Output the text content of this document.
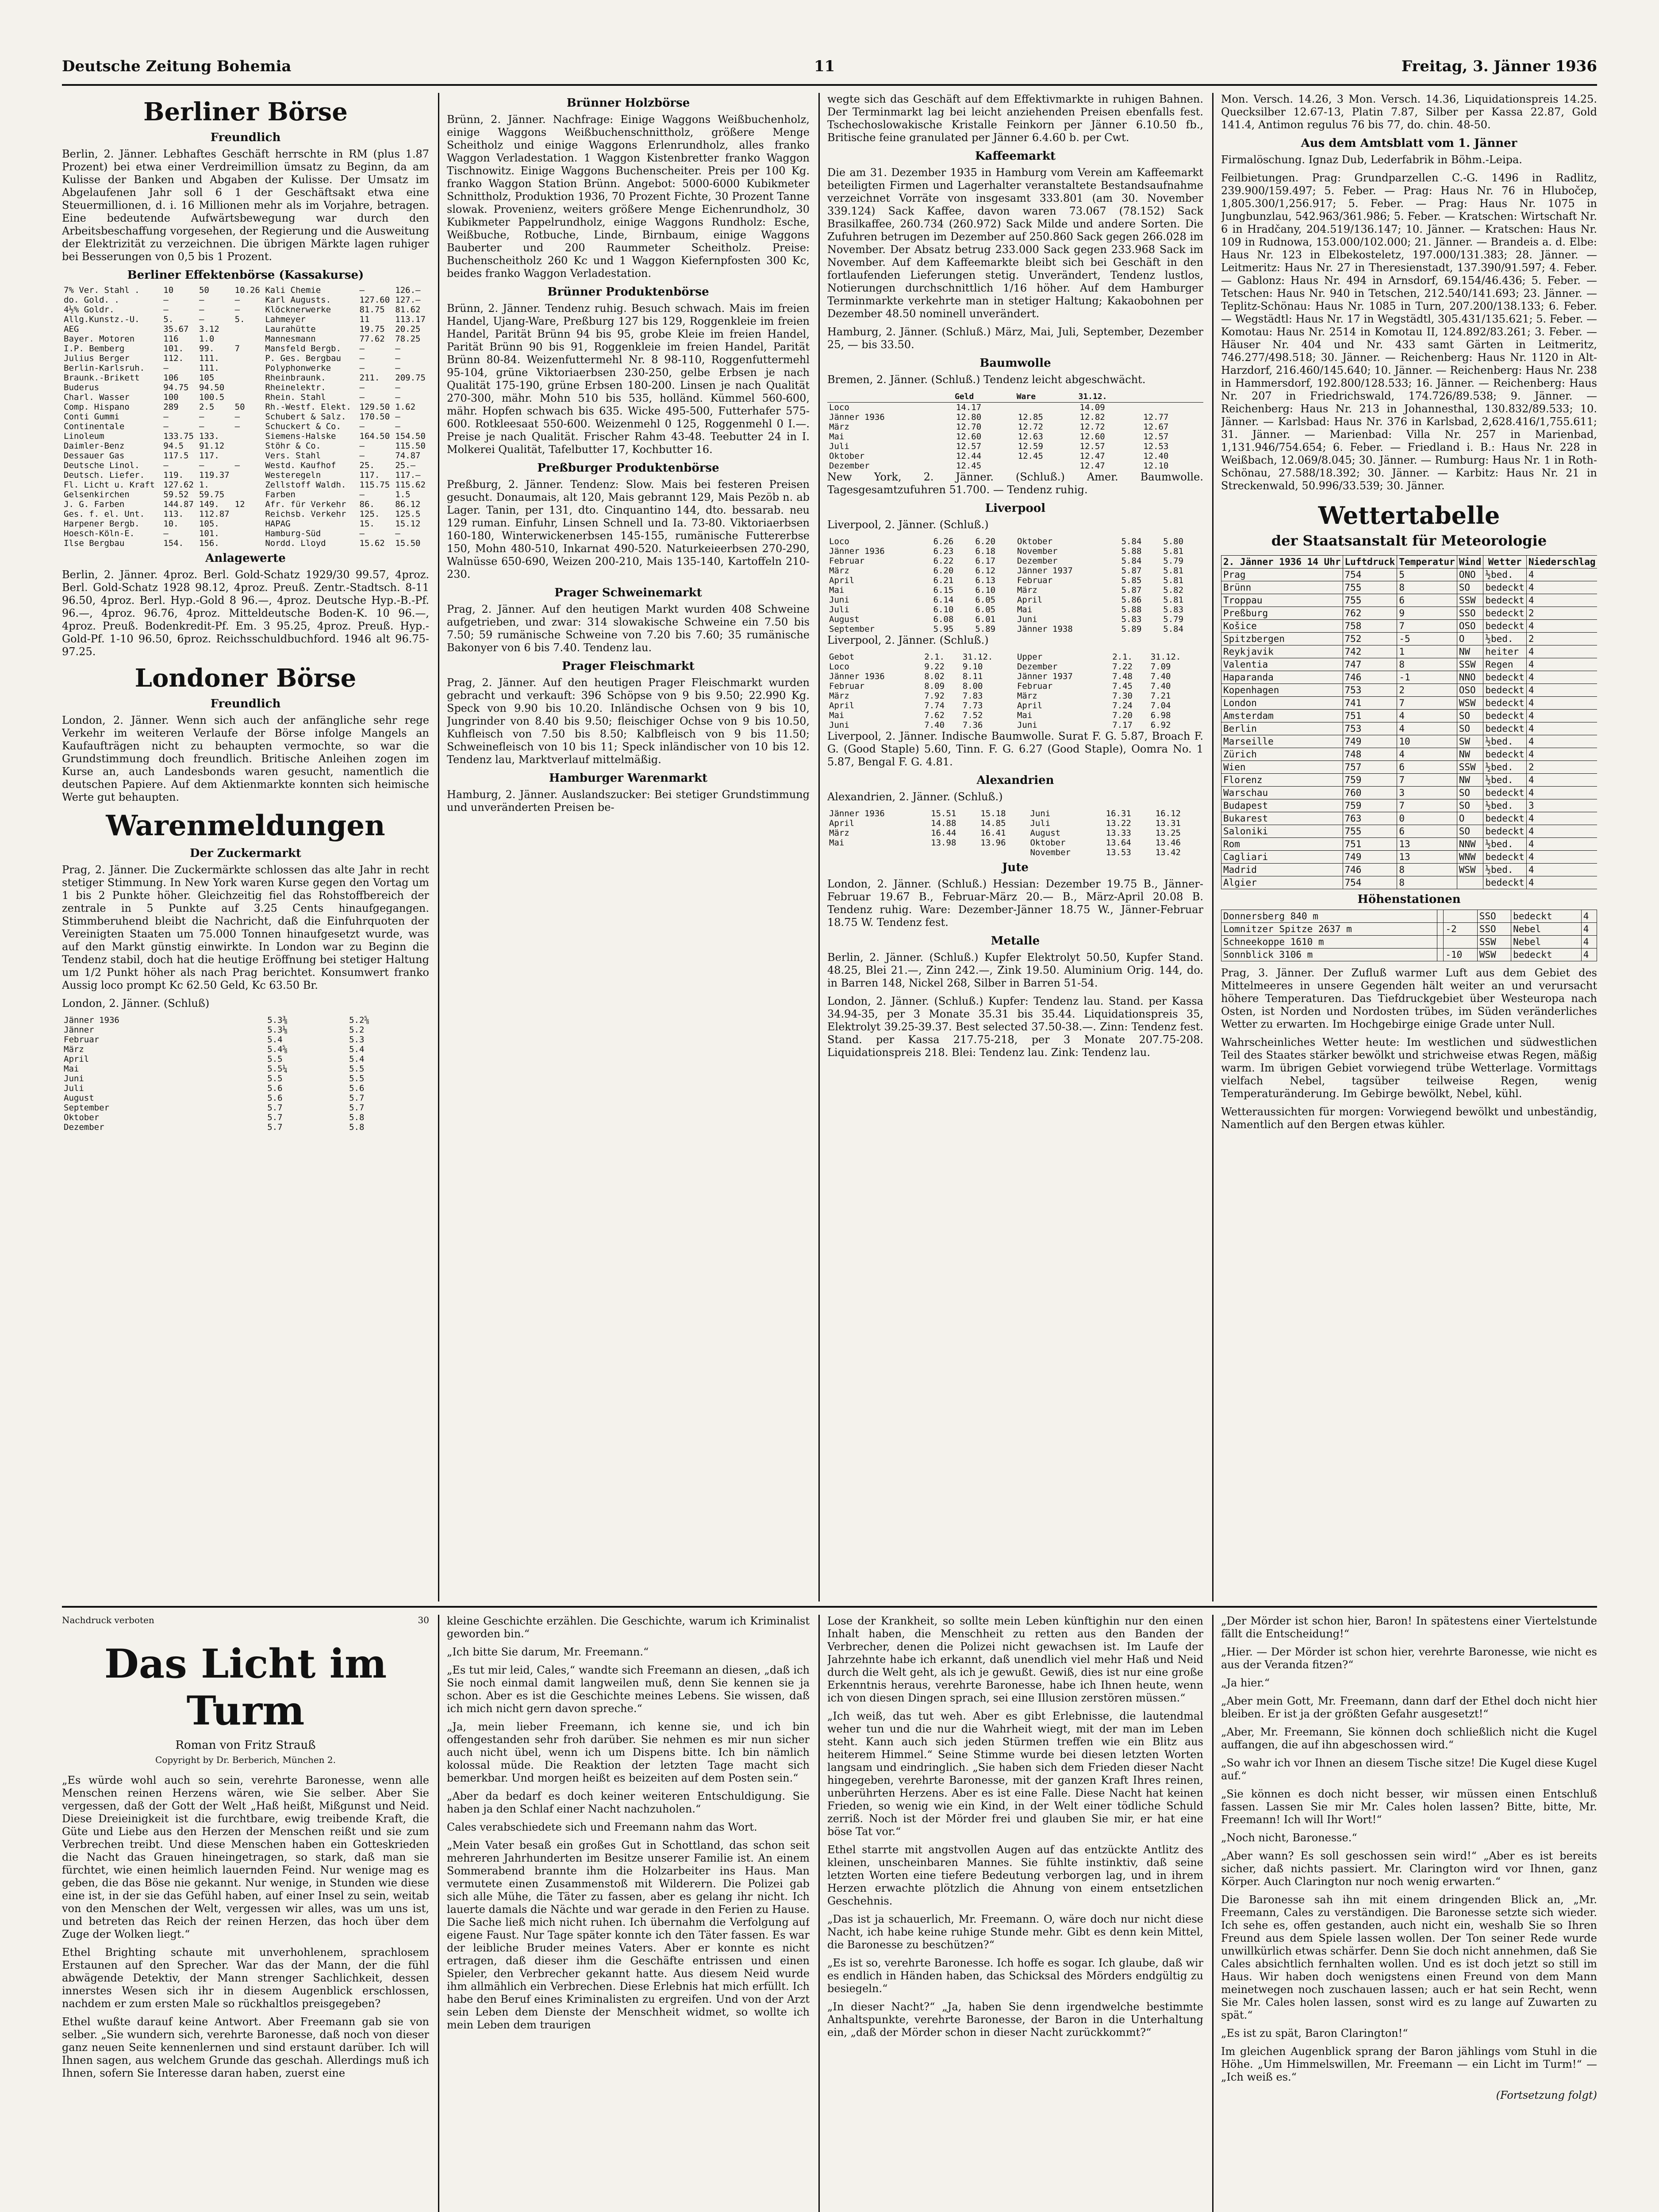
Deutsche Zeitung Bohemia	11	Freitag, 3. Jänner 1936
Berliner Börse
Freundlich

Berlin, 2. Jänner. Lebhaftes Geschäft herrschte in RM (plus 1.87 Prozent) bei etwa einer Verdreimillion ümsatz zu Beginn, da am Kulisse der Banken und Abgaben der Kulisse. Der Umsatz im Abgelaufenen Jahr soll 6 1 der Geschäftsakt etwa eine Steuermillionen, d. i. 16 Millionen mehr als im Vorjahre, betragen. Eine bedeutende Aufwärtsbewegung war durch den Arbeitsbeschaffung vorgesehen, der Regierung und die Ausweitung der Elektrizität zu verzeichnen. Die übrigen Märkte lagen ruhiger bei Besserungen von 0,5 bis 1 Prozent.

Berliner Effektenbörse (Kassakurse)
7% Ver. Stahl .	10	50	10.26	Kali Chemie	—	126.—
do. Gold. .	—	—	—	Karl Augusts.	127.60	127.—
4½% Goldr.	—	—	—	Klöcknerwerke	81.75	81.62
Allg.Kunstz.-U.	5.	—	5.	Lahmeyer	11	113.17
AEG	35.67	3.12		Laurahütte	19.75	20.25
Bayer. Motoren	116	1.0		Mannesmann	77.62	78.25
I.P. Bemberg	101.	99.	7	Mansfeld Bergb.	—	—
Julius Berger	112.	111.		P. Ges. Bergbau	—	—
Berlin-Karlsruh.	—	111.		Polyphonwerke	—	—
Braunk.-Brikett	106	105		Rheinbraunk.	211.	209.75
Buderus	94.75	94.50		Rheinelektr.	—	—
Charl. Wasser	100	100.5		Rhein. Stahl	—	—
Comp. Hispano	289	2.5	50	Rh.-Westf. Elekt.	129.50	1.62
Conti Gummi	—	—	—	Schubert & Salz.	170.50	—
Continentale	—	—	—	Schuckert & Co.	—	—
Linoleum	133.75	133.		Siemens-Halske	164.50	154.50
Daimler-Benz	94.5	91.12		Stöhr & Co.	—	115.50
Dessauer Gas	117.5	117.		Vers. Stahl	—	74.87
Deutsche Linol.	—	—	—	Westd. Kaufhof	25.	25.—
Deutsch. Liefer.	119.	119.37		Westeregeln	117.	117.—
Fl. Licht u. Kraft	127.62	1.		Zellstoff Waldh.	115.75	115.62
Gelsenkirchen	59.52	59.75		Farben	—	1.5
J. G. Farben	144.87	149.	12	Afr. für Verkehr	86.	86.12
Ges. f. el. Unt.	113.	112.87		Reichsb. Verkehr	125.	125.5
Harpener Bergb.	10.	105.		HAPAG	15.	15.12
Hoesch-Köln-E.	—	101.		Hamburg-Süd	—	—
Ilse Bergbau	154.	156.		Nordd. Lloyd	15.62	15.50
Anlagewerte

Berlin, 2. Jänner. 4proz. Berl. Gold-Schatz 1929/30 99.57, 4proz. Berl. Gold-Schatz 1928 98.12, 4proz. Preuß. Zentr.-Stadtsch. 8-11 96.50, 4proz. Berl. Hyp.-Gold 8 96.—, 4proz. Deutsche Hyp.-B.-Pf. 96.—, 4proz. 96.76, 4proz. Mitteldeutsche Boden-K. 10 96.—, 4proz. Preuß. Bodenkredit-Pf. Em. 3 95.25, 4proz. Preuß. Hyp.-Gold-Pf. 1-10 96.50, 6proz. Reichsschuldbuchford. 1946 alt 96.75-97.25.

Londoner Börse
Freundlich

London, 2. Jänner. Wenn sich auch der anfängliche sehr rege Verkehr im weiteren Verlaufe der Börse infolge Mangels an Kaufaufträgen nicht zu behaupten vermochte, so war die Grundstimmung doch freundlich. Britische Anleihen zogen im Kurse an, auch Landesbonds waren gesucht, namentlich die deutschen Papiere. Auf dem Aktienmarkte konnten sich heimische Werte gut behaupten.

Warenmeldungen
Der Zuckermarkt

Prag, 2. Jänner. Die Zuckermärkte schlossen das alte Jahr in recht stetiger Stimmung. In New York waren Kurse gegen den Vortag um 1 bis 2 Punkte höher. Gleichzeitig fiel das Rohstoffbereich der zentrale in 5 Punkte auf 3.25 Cents hinaufgegangen. Stimmberuhend bleibt die Nachricht, daß die Einfuhrquoten der Vereinigten Staaten um 75.000 Tonnen hinaufgesetzt wurde, was auf den Markt günstig einwirkte. In London war zu Beginn die Tendenz stabil, doch hat die heutige Eröffnung bei stetiger Haltung um 1/2 Punkt höher als nach Prag berichtet. Konsumwert franko Aussig loco prompt Kc 62.50 Geld, Kc 63.50 Br.

London, 2. Jänner. (Schluß)

Jänner 1936	5.3⅜	5.2⅝
Jänner	5.3⅛	5.2
Februar	5.4	5.3
März	5.4⅝	5.4
April	5.5	5.4
Mai	5.5¼	5.5
Juni	5.5	5.5
Juli	5.6	5.6
August	5.6	5.7
September	5.7	5.7
Oktober	5.7	5.8
Dezember	5.7	5.8
Brünner Holzbörse

Brünn, 2. Jänner. Nachfrage: Einige Waggons Weißbuchenholz, einige Waggons Weißbuchenschnittholz, größere Menge Scheitholz und einige Waggons Erlenrundholz, alles franko Waggon Verladestation. 1 Waggon Kistenbretter franko Waggon Tischnowitz. Einige Waggons Buchenscheiter. Preis per 100 Kg. franko Waggon Station Brünn. Angebot: 5000-6000 Kubikmeter Schnittholz, Produktion 1936, 70 Prozent Fichte, 30 Prozent Tanne slowak. Provenienz, weiters größere Menge Eichenrundholz, 30 Kubikmeter Pappelrundholz, einige Waggons Rundholz: Esche, Weißbuche, Rotbuche, Linde, Birnbaum, einige Waggons Bauberter und 200 Raummeter Scheitholz. Preise: Buchenscheitholz 260 Kc und 1 Waggon Kiefernpfosten 300 Kc, beides franko Waggon Verladestation.

Brünner Produktenbörse

Brünn, 2. Jänner. Tendenz ruhig. Besuch schwach. Mais im freien Handel, Ujang-Ware, Preßburg 127 bis 129, Roggenkleie im freien Handel, Parität Brünn 94 bis 95, grobe Kleie im freien Handel, Parität Brünn 90 bis 91, Roggenkleie im freien Handel, Parität Brünn 80-84. Weizenfuttermehl Nr. 8 98-110, Roggenfuttermehl 95-104, grüne Viktoriaerbsen 230-250, gelbe Erbsen je nach Qualität 175-190, grüne Erbsen 180-200. Linsen je nach Qualität 270-300, mähr. Mohn 510 bis 535, holländ. Kümmel 560-600, mähr. Hopfen schwach bis 635. Wicke 495-500, Futterhafer 575-600. Rotkleesaat 550-600. Weizenmehl 0 125, Roggenmehl 0 I.—. Preise je nach Qualität. Frischer Rahm 43-48. Teebutter 24 in I. Molkerei Qualität, Tafelbutter 17, Kochbutter 16.

Preßburger Produktenbörse

Preßburg, 2. Jänner. Tendenz: Slow. Mais bei festeren Preisen gesucht. Donaumais, alt 120, Mais gebrannt 129, Mais Pezöb n. ab Lager. Tanin, per 131, dto. Cinquantino 144, dto. bessarab. neu 129 ruman. Einfuhr, Linsen Schnell und Ia. 73-80. Viktoriaerbsen 160-180, Winterwickenerbsen 145-155, rumänische Futtererbse 150, Mohn 480-510, Inkarnat 490-520. Naturkeieerbsen 270-290, Walnüsse 650-690, Weizen 200-210, Mais 135-140, Kartoffeln 210-230.

Prager Schweinemarkt

Prag, 2. Jänner. Auf den heutigen Markt wurden 408 Schweine aufgetrieben, und zwar: 314 slowakische Schweine ein 7.50 bis 7.50; 59 rumänische Schweine von 7.20 bis 7.60; 35 rumänische Bakonyer von 6 bis 7.40. Tendenz lau.

Prager Fleischmarkt

Prag, 2. Jänner. Auf den heutigen Prager Fleischmarkt wurden gebracht und verkauft: 396 Schöpse von 9 bis 9.50; 22.990 Kg. Speck von 9.90 bis 10.20. Inländische Ochsen von 9 bis 10, Jungrinder von 8.40 bis 9.50; fleischiger Ochse von 9 bis 10.50, Kuhfleisch von 7.50 bis 8.50; Kalbfleisch von 9 bis 11.50; Schweinefleisch von 10 bis 11; Speck inländischer von 10 bis 12. Tendenz lau, Marktverlauf mittelmäßig.

Hamburger Warenmarkt

Hamburg, 2. Jänner. Auslandszucker: Bei stetiger Grundstimmung und unveränderten Preisen be-

wegte sich das Geschäft auf dem Effektivmarkte in ruhigen Bahnen. Der Terminmarkt lag bei leicht anziehenden Preisen ebenfalls fest. Tschechoslowakische Kristalle Feinkorn per Jänner 6.10.50 fb., Britische feine granulated per Jänner 6.4.60 b. per Cwt.

Kaffeemarkt

Die am 31. Dezember 1935 in Hamburg vom Verein am Kaffeemarkt beteiligten Firmen und Lagerhalter veranstaltete Bestandsaufnahme verzeichnet Vorräte von insgesamt 333.801 (am 30. November 339.124) Sack Kaffee, davon waren 73.067 (78.152) Sack Brasilkaffee, 260.734 (260.972) Sack Milde und andere Sorten. Die Zufuhren betrugen im Dezember auf 250.860 Sack gegen 266.028 im November. Der Absatz betrug 233.000 Sack gegen 233.968 Sack im November. Auf dem Kaffeemarkte bleibt sich bei Geschäft in den fortlaufenden Lieferungen stetig. Unverändert, Tendenz lustlos, Notierungen durchschnittlich 1/16 höher. Auf dem Hamburger Terminmarkte verkehrte man in stetiger Haltung; Kakaobohnen per Dezember 48.50 nominell unverändert.

Hamburg, 2. Jänner. (Schluß.) März, Mai, Juli, September, Dezember 25, — bis 33.50.

Baumwolle

Bremen, 2. Jänner. (Schluß.) Tendenz leicht abgeschwächt.

	Geld	Ware	31.12.	
Loco	14.17		14.09	
Jänner 1936	12.80	12.85	12.82	12.77
März	12.70	12.72	12.72	12.67
Mai	12.60	12.63	12.60	12.57
Juli	12.57	12.59	12.57	12.53
Oktober	12.44	12.45	12.47	12.40
Dezember	12.45		12.47	12.10

New York, 2. Jänner. (Schluß.) Amer. Baumwolle. Tagesgesamtzufuhren 51.700. — Tendenz ruhig.

Liverpool

Liverpool, 2. Jänner. (Schluß.)

Loco	6.26	6.20	Oktober	5.84	5.80
Jänner 1936	6.23	6.18	November	5.88	5.81
Februar	6.22	6.17	Dezember	5.84	5.79
März	6.20	6.12	Jänner 1937	5.87	5.81
April	6.21	6.13	Februar	5.85	5.81
Mai	6.15	6.10	März	5.87	5.82
Juni	6.14	6.05	April	5.86	5.81
Juli	6.10	6.05	Mai	5.88	5.83
August	6.08	6.01	Juni	5.83	5.79
September	5.95	5.89	Jänner 1938	5.89	5.84

Liverpool, 2. Jänner. (Schluß.)

Gebot	2.1.	31.12.	Upper	2.1.	31.12.
Loco	9.22	9.10	Dezember	7.22	7.09
Jänner 1936	8.02	8.11	Jänner 1937	7.48	7.40
Februar	8.09	8.00	Februar	7.45	7.40
März	7.92	7.83	März	7.30	7.21
April	7.74	7.73	April	7.24	7.04
Mai	7.62	7.52	Mai	7.20	6.98
Juni	7.40	7.36	Juni	7.17	6.92

Liverpool, 2. Jänner. Indische Baumwolle. Surat F. G. 5.87, Broach F. G. (Good Staple) 5.60, Tinn. F. G. 6.27 (Good Staple), Oomra No. 1 5.87, Bengal F. G. 4.81.

Alexandrien

Alexandrien, 2. Jänner. (Schluß.)

Jänner 1936	15.51	15.18	Juni	16.31	16.12
April	14.88	14.85	Juli	13.22	13.31
März	16.44	16.41	August	13.33	13.25
Mai	13.98	13.96	Oktober	13.64	13.46
			November	13.53	13.42
Jute

London, 2. Jänner. (Schluß.) Hessian: Dezember 19.75 B., Jänner-Februar 19.67 B., Februar-März 20.— B., März-April 20.08 B. Tendenz ruhig. Ware: Dezember-Jänner 18.75 W., Jänner-Februar 18.75 W. Tendenz fest.

Metalle

Berlin, 2. Jänner. (Schluß.) Kupfer Elektrolyt 50.50, Kupfer Stand. 48.25, Blei 21.—, Zinn 242.—, Zink 19.50. Aluminium Orig. 144, do. in Barren 148, Nickel 268, Silber in Barren 51-54.

London, 2. Jänner. (Schluß.) Kupfer: Tendenz lau. Stand. per Kassa 34.94-35, per 3 Monate 35.31 bis 35.44. Liquidationspreis 35, Elektrolyt 39.25-39.37. Best selected 37.50-38.—. Zinn: Tendenz fest. Stand. per Kassa 217.75-218, per 3 Monate 207.75-208. Liquidationspreis 218. Blei: Tendenz lau. Zink: Tendenz lau.

Mon. Versch. 14.26, 3 Mon. Versch. 14.36, Liquidationspreis 14.25. Quecksilber 12.67-13, Platin 7.87, Silber per Kassa 22.87, Gold 141.4, Antimon regulus 76 bis 77, do. chin. 48-50.

Aus dem Amtsblatt vom 1. Jänner

Firmalöschung. Ignaz Dub, Lederfabrik in Böhm.-Leipa.

Feilbietungen. Prag: Grundparzellen C.-G. 1496 in Radlitz, 239.900/159.497; 5. Feber. — Prag: Haus Nr. 76 in Hlubočep, 1,805.300/1,256.917; 5. Feber. — Prag: Haus Nr. 1075 in Jungbunzlau, 542.963/361.986; 5. Feber. — Kratschen: Wirtschaft Nr. 6 in Hradčany, 204.519/136.147; 10. Jänner. — Kratschen: Haus Nr. 109 in Rudnowa, 153.000/102.000; 21. Jänner. — Brandeis a. d. Elbe: Haus Nr. 123 in Elbekosteletz, 197.000/131.383; 28. Jänner. — Leitmeritz: Haus Nr. 27 in Theresienstadt, 137.390/91.597; 4. Feber. — Gablonz: Haus Nr. 494 in Arnsdorf, 69.154/46.436; 5. Feber. — Tetschen: Haus Nr. 940 in Tetschen, 212.540/141.693; 23. Jänner. — Teplitz-Schönau: Haus Nr. 1085 in Turn, 207.200/138.133; 6. Feber. — Wegstädtl: Haus Nr. 17 in Wegstädtl, 305.431/135.621; 5. Feber. — Komotau: Haus Nr. 2514 in Komotau II, 124.892/83.261; 3. Feber. — Häuser Nr. 404 und Nr. 433 samt Gärten in Leitmeritz, 746.277/498.518; 30. Jänner. — Reichenberg: Haus Nr. 1120 in Alt-Harzdorf, 216.460/145.640; 10. Jänner. — Reichenberg: Haus Nr. 238 in Hammersdorf, 192.800/128.533; 16. Jänner. — Reichenberg: Haus Nr. 207 in Friedrichswald, 174.726/89.538; 9. Jänner. — Reichenberg: Haus Nr. 213 in Johannesthal, 130.832/89.533; 10. Jänner. — Karlsbad: Haus Nr. 376 in Karlsbad, 2,628.416/1,755.611; 31. Jänner. — Marienbad: Villa Nr. 257 in Marienbad, 1,131.946/754.654; 6. Feber. — Friedland i. B.: Haus Nr. 228 in Weißbach, 12.069/8.045; 30. Jänner. — Rumburg: Haus Nr. 1 in Roth-Schönau, 27.588/18.392; 30. Jänner. — Karbitz: Haus Nr. 21 in Streckenwald, 50.996/33.539; 30. Jänner.

Wettertabelle
der Staatsanstalt für Meteorologie
2. Jänner 1936 14 Uhr	Luftdruck	Temperatur	Wind	Wetter	Niederschlag
Prag	754	5	ONO	½bed.	4
Brünn	755	8	SO	bedeckt	4
Troppau	755	6	SSW	bedeckt	4
Preßburg	762	9	SSO	bedeckt	2
Košice	758	7	OSO	bedeckt	4
Spitzbergen	752	-5	O	½bed.	2
Reykjavik	742	1	NW	heiter	4
Valentia	747	8	SSW	Regen	4
Haparanda	746	-1	NNO	bedeckt	4
Kopenhagen	753	2	OSO	bedeckt	4
London	741	7	WSW	bedeckt	4
Amsterdam	751	4	SO	bedeckt	4
Berlin	753	4	SO	bedeckt	4
Marseille	749	10	SW	½bed.	4
Zürich	748	4	NW	bedeckt	4
Wien	757	6	SSW	½bed.	2
Florenz	759	7	NW	½bed.	4
Warschau	760	3	SO	bedeckt	4
Budapest	759	7	SO	½bed.	3
Bukarest	763	0	O	bedeckt	4
Saloniki	755	6	SO	bedeckt	4
Rom	751	13	NNW	½bed.	4
Cagliari	749	13	WNW	bedeckt	4
Madrid	746	8	WSW	½bed.	4
Algier	754	8		bedeckt	4
Höhenstationen
Donnersberg 840 m			SSO	bedeckt	4
Lomnitzer Spitze 2637 m		-2	SSO	Nebel	4
Schneekoppe 1610 m			SSW	Nebel	4
Sonnblick 3106 m		-10	WSW	bedeckt	4

Prag, 3. Jänner. Der Zufluß warmer Luft aus dem Gebiet des Mittelmeeres in unsere Gegenden hält weiter an und verursacht höhere Temperaturen. Das Tiefdruckgebiet über Westeuropa nach Osten, ist Norden und Nordosten trübes, im Süden veränderliches Wetter zu erwarten. Im Hochgebirge einige Grade unter Null.

Wahrscheinliches Wetter heute: Im westlichen und südwestlichen Teil des Staates stärker bewölkt und strichweise etwas Regen, mäßig warm. Im übrigen Gebiet vorwiegend trübe Wetterlage. Vormittags vielfach Nebel, tagsüber teilweise Regen, wenig Temperaturänderung. Im Gebirge bewölkt, Nebel, kühl.

Wetteraussichten für morgen: Vorwiegend bewölkt und unbeständig, Namentlich auf den Bergen etwas kühler.

Nachdruck verboten	30
Das Licht im Turm
Roman von Fritz Strauß
Copyright by Dr. Berberich, München 2.

„Es würde wohl auch so sein, verehrte Baronesse, wenn alle Menschen reinen Herzens wären, wie Sie selber. Aber Sie vergessen, daß der Gott der Welt „Haß heißt, Mißgunst und Neid. Diese Dreieinigkeit ist die furchtbare, ewig treibende Kraft, die Güte und Liebe aus den Herzen der Menschen reißt und sie zum Verbrechen treibt. Und diese Menschen haben ein Gotteskrieden die Nacht das Grauen hineingetragen, so stark, daß man sie fürchtet, wie einen heimlich lauernden Feind. Nur wenige mag es geben, die das Böse nie gekannt. Nur wenige, in Stunden wie diese eine ist, in der sie das Gefühl haben, auf einer Insel zu sein, weitab von den Menschen der Welt, vergessen wir alles, was um uns ist, und betreten das Reich der reinen Herzen, das hoch über dem Zuge der Wolken liegt.“

Ethel Brighting schaute mit unverhohlenem, sprachlosem Erstaunen auf den Sprecher. War das der Mann, der die fühl abwägende Detektiv, der Mann strenger Sachlichkeit, dessen innerstes Wesen sich ihr in diesem Augenblick erschlossen, nachdem er zum ersten Male so rückhaltlos preisgegeben?

Ethel wußte darauf keine Antwort. Aber Freemann gab sie von selber. „Sie wundern sich, verehrte Baronesse, daß noch von dieser ganz neuen Seite kennenlernen und sind erstaunt darüber. Ich will Ihnen sagen, aus welchem Grunde das geschah. Allerdings muß ich Ihnen, sofern Sie Interesse daran haben, zuerst eine

kleine Geschichte erzählen. Die Geschichte, warum ich Kriminalist geworden bin.“

„Ich bitte Sie darum, Mr. Freemann.“

„Es tut mir leid, Cales,“ wandte sich Freemann an diesen, „daß ich Sie noch einmal damit langweilen muß, denn Sie kennen sie ja schon. Aber es ist die Geschichte meines Lebens. Sie wissen, daß ich mich nicht gern davon spreche.“

„Ja, mein lieber Freemann, ich kenne sie, und ich bin offengestanden sehr froh darüber. Sie nehmen es mir nun sicher auch nicht übel, wenn ich um Dispens bitte. Ich bin nämlich kolossal müde. Die Reaktion der letzten Tage macht sich bemerkbar. Und morgen heißt es beizeiten auf dem Posten sein.“

„Aber da bedarf es doch keiner weiteren Entschuldigung. Sie haben ja den Schlaf einer Nacht nachzuholen.“

Cales verabschiedete sich und Freemann nahm das Wort.

„Mein Vater besaß ein großes Gut in Schottland, das schon seit mehreren Jahrhunderten im Besitze unserer Familie ist. An einem Sommerabend brannte ihm die Holzarbeiter ins Haus. Man vermutete einen Zusammenstoß mit Wilderern. Die Polizei gab sich alle Mühe, die Täter zu fassen, aber es gelang ihr nicht. Ich lauerte damals die Nächte und war gerade in den Ferien zu Hause. Die Sache ließ mich nicht ruhen. Ich übernahm die Verfolgung auf eigene Faust. Nur Tage später konnte ich den Täter fassen. Es war der leibliche Bruder meines Vaters. Aber er konnte es nicht ertragen, daß dieser ihm die Geschäfte entrissen und einen Spieler, den Verbrecher gekannt hatte. Aus diesem Neid wurde ihm allmählich ein Verbrechen. Diese Erlebnis hat mich erfüllt. Ich habe den Beruf eines Kriminalisten zu ergreifen. Und von der Arzt sein Leben dem Dienste der Menschheit widmet, so wollte ich mein Leben dem traurigen

Lose der Krankheit, so sollte mein Leben künftighin nur den einen Inhalt haben, die Menschheit zu retten aus den Banden der Verbrecher, denen die Polizei nicht gewachsen ist. Im Laufe der Jahrzehnte habe ich erkannt, daß unendlich viel mehr Haß und Neid durch die Welt geht, als ich je gewußt. Gewiß, dies ist nur eine große Erkenntnis heraus, verehrte Baronesse, habe ich Ihnen heute, wenn ich von diesen Dingen sprach, sei eine Illusion zerstören müssen.“

„Ich weiß, das tut weh. Aber es gibt Erlebnisse, die lautendmal weher tun und die nur die Wahrheit wiegt, mit der man im Leben steht. Kann auch sich jeden Stürmen treffen wie ein Blitz aus heiterem Himmel.“ Seine Stimme wurde bei diesen letzten Worten langsam und eindringlich. „Sie haben sich dem Frieden dieser Nacht hingegeben, verehrte Baronesse, mit der ganzen Kraft Ihres reinen, unberührten Herzens. Aber es ist eine Falle. Diese Nacht hat keinen Frieden, so wenig wie ein Kind, in der Welt einer tödliche Schuld zerriß. Noch ist der Mörder frei und glauben Sie mir, er hat eine böse Tat vor.“

Ethel starrte mit angstvollen Augen auf das entzückte Antlitz des kleinen, unscheinbaren Mannes. Sie fühlte instinktiv, daß seine letzten Worten eine tiefere Bedeutung verborgen lag, und in ihrem Herzen erwachte plötzlich die Ahnung von einem entsetzlichen Geschehnis.

„Das ist ja schauerlich, Mr. Freemann. O, wäre doch nur nicht diese Nacht, ich habe keine ruhige Stunde mehr. Gibt es denn kein Mittel, die Baronesse zu beschützen?“

„Es ist so, verehrte Baronesse. Ich hoffe es sogar. Ich glaube, daß wir es endlich in Händen haben, das Schicksal des Mörders endgültig zu besiegeln.“

„In dieser Nacht?“ „Ja, haben Sie denn irgendwelche bestimmte Anhaltspunkte, verehrte Baronesse, der Baron in die Unterhaltung ein, „daß der Mörder schon in dieser Nacht zurückkommt?“

„Der Mörder ist schon hier, Baron! In spätestens einer Viertelstunde fällt die Entscheidung!“

„Hier. — Der Mörder ist schon hier, verehrte Baronesse, wie nicht es aus der Veranda fitzen?“

„Ja hier.“

„Aber mein Gott, Mr. Freemann, dann darf der Ethel doch nicht hier bleiben. Er ist ja der größten Gefahr ausgesetzt!“

„Aber, Mr. Freemann, Sie können doch schließlich nicht die Kugel auffangen, die auf ihn abgeschossen wird.“

„So wahr ich vor Ihnen an diesem Tische sitze! Die Kugel diese Kugel auf.“

„Sie können es doch nicht besser, wir müssen einen Entschluß fassen. Lassen Sie mir Mr. Cales holen lassen? Bitte, bitte, Mr. Freemann! Ich will Ihr Wort!“

„Noch nicht, Baronesse.“

„Aber wann? Es soll geschossen sein wird!“ „Aber es ist bereits sicher, daß nichts passiert. Mr. Clarington wird vor Ihnen, ganz Körper. Auch Clarington nur noch wenig erwarten.“

Die Baronesse sah ihn mit einem dringenden Blick an, „Mr. Freemann, Cales zu verständigen. Die Baronesse setzte sich wieder. Ich sehe es, offen gestanden, auch nicht ein, weshalb Sie so Ihren Freund aus dem Spiele lassen wollen. Der Ton seiner Rede wurde unwillkürlich etwas schärfer. Denn Sie doch nicht annehmen, daß Sie Cales absichtlich fernhalten wollen. Und es ist doch jetzt so still im Haus. Wir haben doch wenigstens einen Freund von dem Mann meinetwegen noch zuschauen lassen; auch er hat sein Recht, wenn Sie Mr. Cales holen lassen, sonst wird es zu lange auf Zuwarten zu spät.“

„Es ist zu spät, Baron Clarington!“

Im gleichen Augenblick sprang der Baron jählings vom Stuhl in die Höhe. „Um Himmelswillen, Mr. Freemann — ein Licht im Turm!“ — „Ich weiß es.“

(Fortsetzung folgt)
